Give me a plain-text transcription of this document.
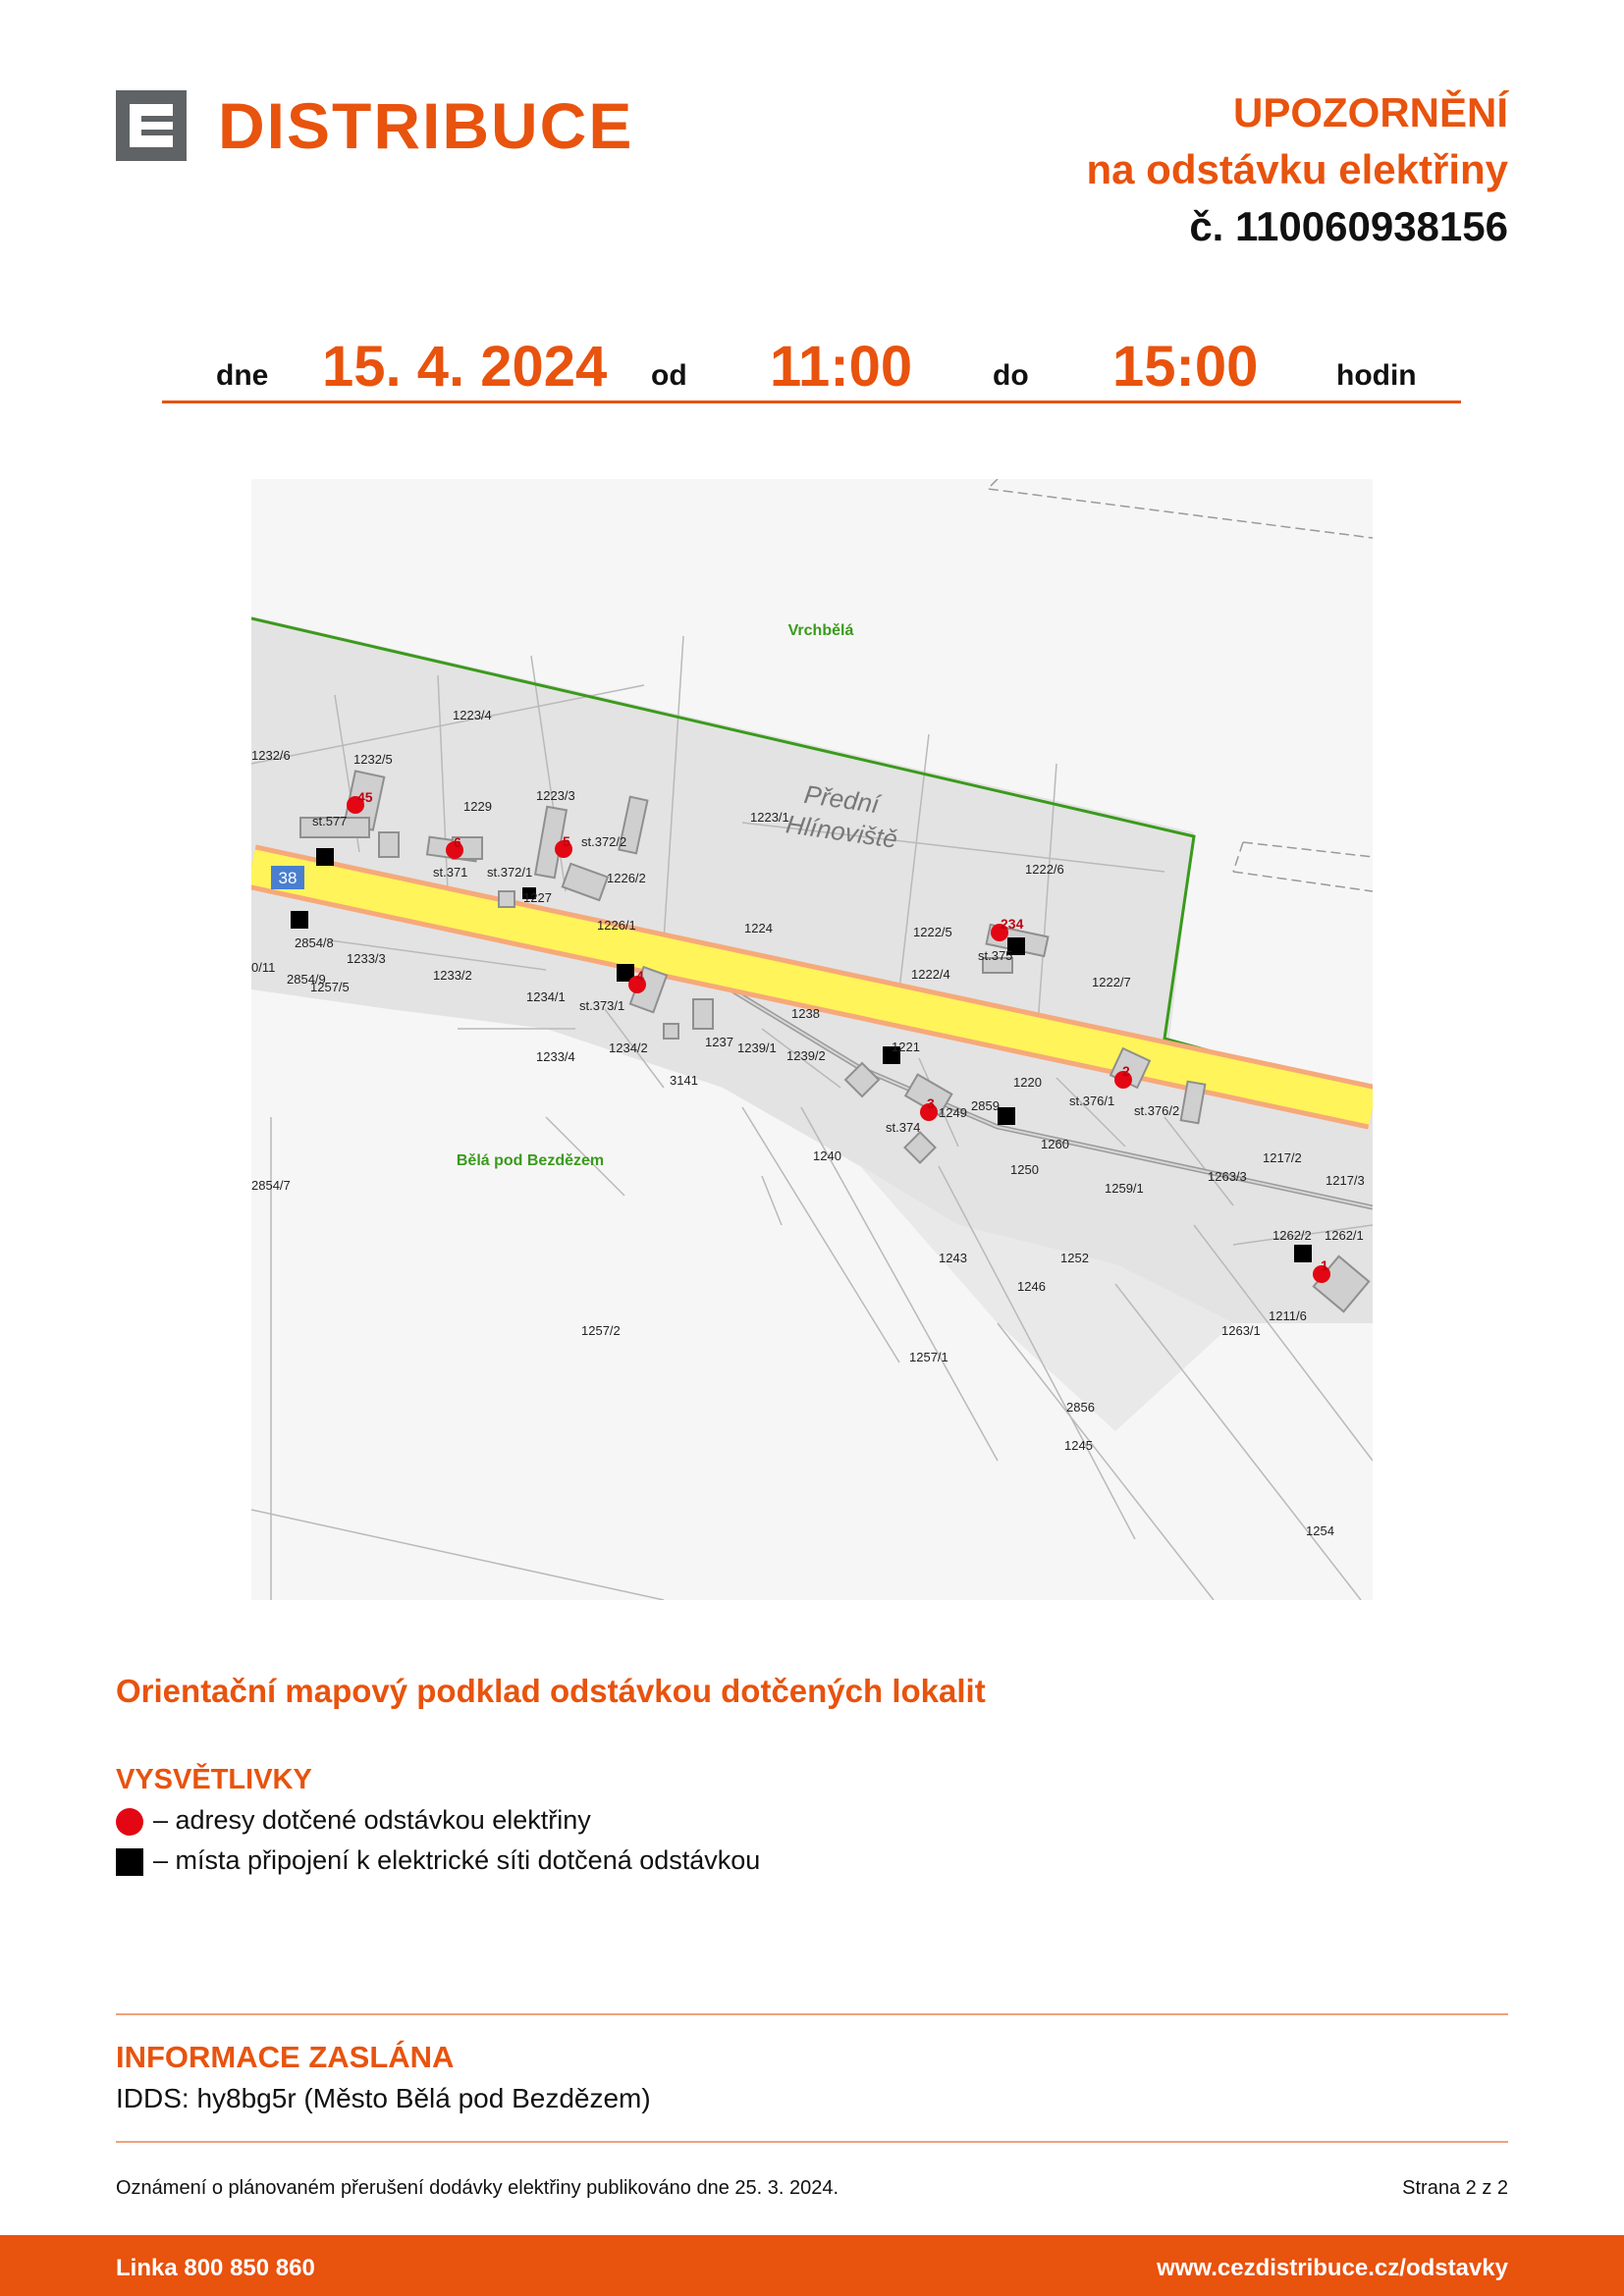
DISTRIBUCE	UPOZORNĚNÍ
na odstávku elektřiny
č. 110060938156
dne 15. 4. 2024 od 11:00	do 15:00	hodin
38
45
6	5
4
234
3
2
1
Vrchbělá
Bělá pod Bezdězem
Přední
Hlínoviště
1223/4
1232/6	1232/5
1229
1223/3
1223/1
1222/6
st.577
st.371 st.372/1
st.372/2
1227
1226/2
1226/1	1224	1222/5
st.375
1222/4
1222/7
2854/8
1233/3
1233/2
2854/9
1257/5
0/11
1234/1
st.373/1
1234/2	1237 1239/1
1239/2
1238
1221
1233/4
3141	1220
st.376/1
st.376/2
st.374
1249 2859
1260
1250
1240
1259/1
1263/3
1217/2
1217/3
2854/7
1262/2 1262/1
1243	1252
1246
1211/6
1263/1
1257/2
1257/1
2856
1245
1254
Orientační mapový podklad odstávkou dotčených lokalit
VYSVĚTLIVKY
– adresy dotčené odstávkou elektřiny
– místa připojení k elektrické síti dotčená odstávkou
INFORMACE ZASLÁNA
IDDS: hy8bg5r (Město Bělá pod Bezdězem)
Oznámení o plánovaném přerušení dodávky elektřiny publikováno dne 25. 3. 2024.	Strana 2 z 2
Linka 800 850 860	www.cezdistribuce.cz/odstavky
